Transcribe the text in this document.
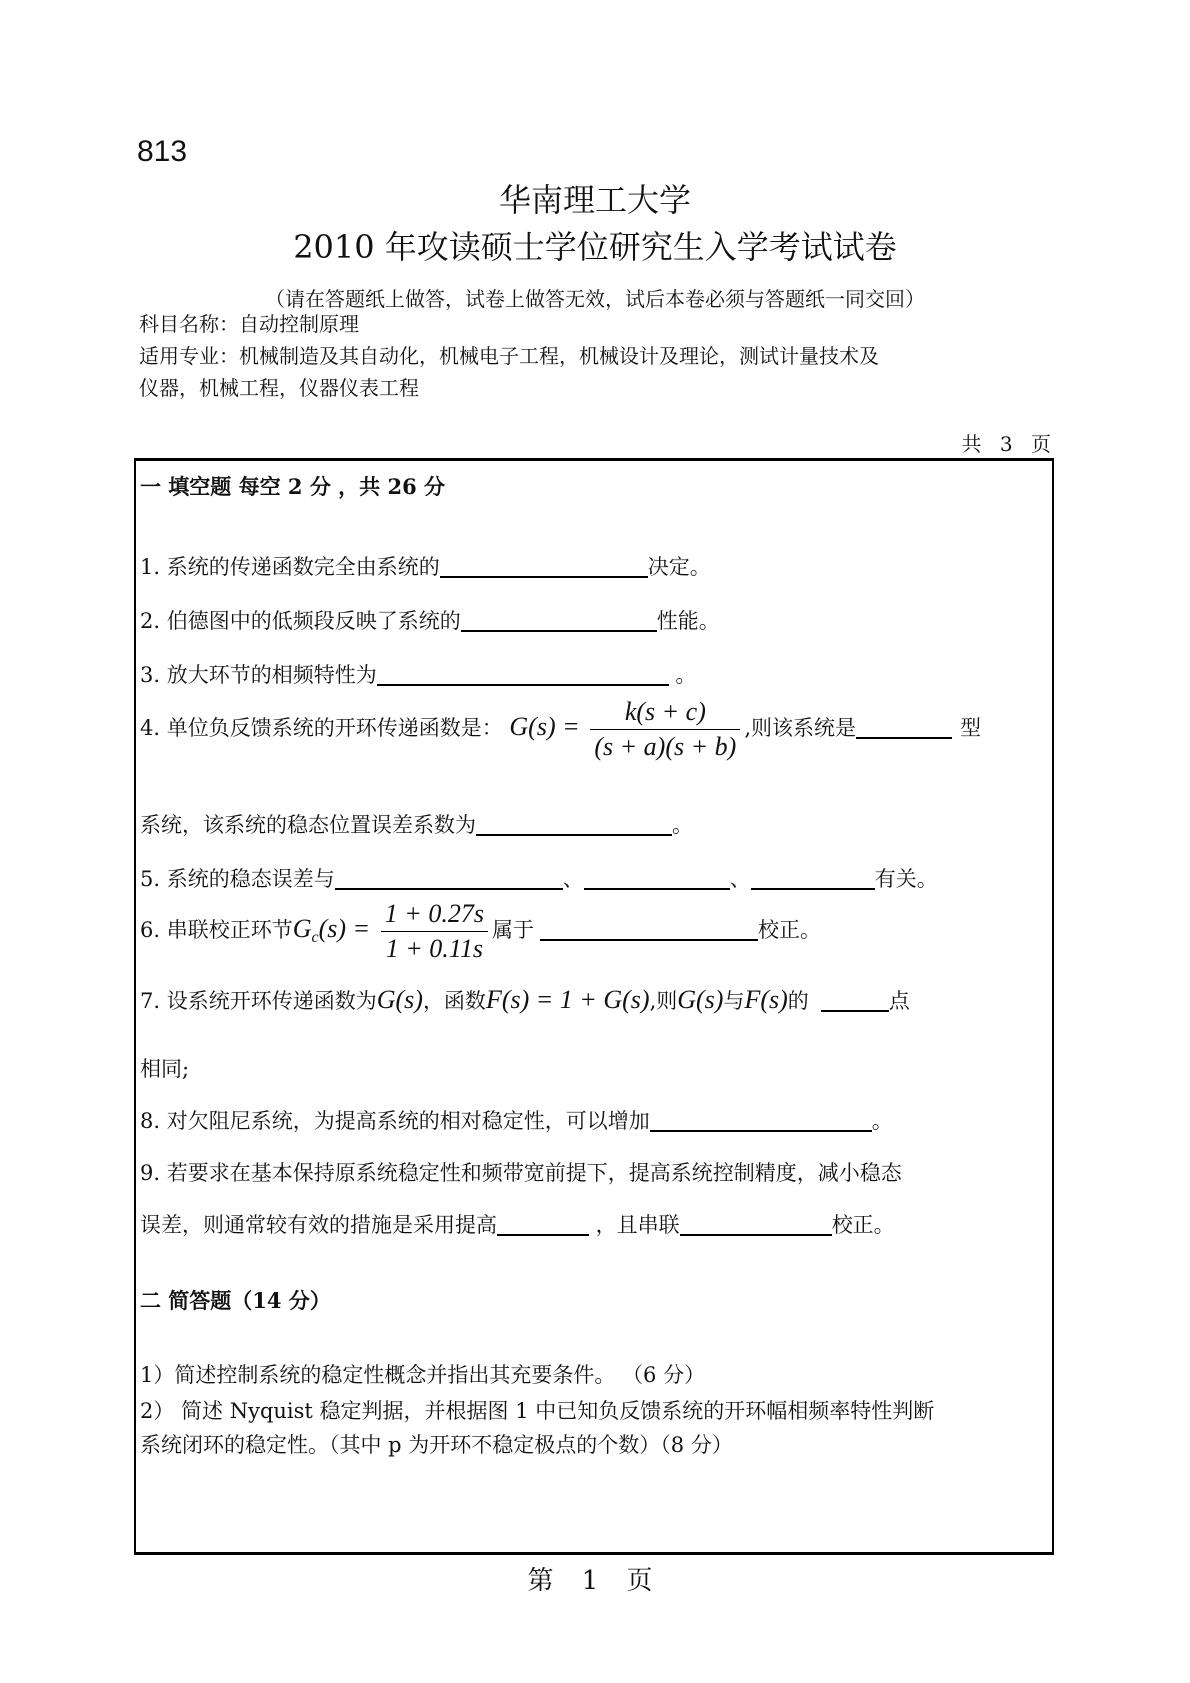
813
华南理工大学
2010 年攻读硕士学位研究生入学考试试卷
（请在答题纸上做答，试卷上做答无效，试后本卷必须与答题纸一同交回）
科目名称：自动控制原理
适用专业：机械制造及其自动化，机械电子工程，机械设计及理论，测试计量技术及
仪器，机械工程，仪器仪表工程
共 3 页
一 填空题 每空 2 分 ，共 26 分
1. 系统的传递函数完全由系统的	决定。
2. 伯德图中的低频段反映了系统的	性能。
3. 放大环节的相频特性为	。
4. 单位负反馈系统的开环传递函数是： $G(s) = \frac{k(s + c)}{(s + a)(s + b)}$ ,则该系统是	型
系统，该系统的稳态位置误差系数为	。
5. 系统的稳态误差与	、	、	有关。
6. 串联校正环节$G_c(s) = \frac{1 + 0.27s}{1 + 0.11s}$ 属于	校正。
7. 设系统开环传递函数为G(s)，函数F(s) = 1 + G(s),则G(s)与F(s)的	点
相同;
8. 对欠阻尼系统，为提高系统的相对稳定性，可以增加	。
9. 若要求在基本保持原系统稳定性和频带宽前提下，提高系统控制精度，减小稳态
误差，则通常较有效的措施是采用提高	，且串联	校正。
二 简答题（14 分）
1）简述控制系统的稳定性概念并指出其充要条件。 （6 分）
2） 简述 Nyquist 稳定判据，并根据图 1 中已知负反馈系统的开环幅相频率特性判断
系统闭环的稳定性。（其中 p 为开环不稳定极点的个数）（8 分）
第 1 页
